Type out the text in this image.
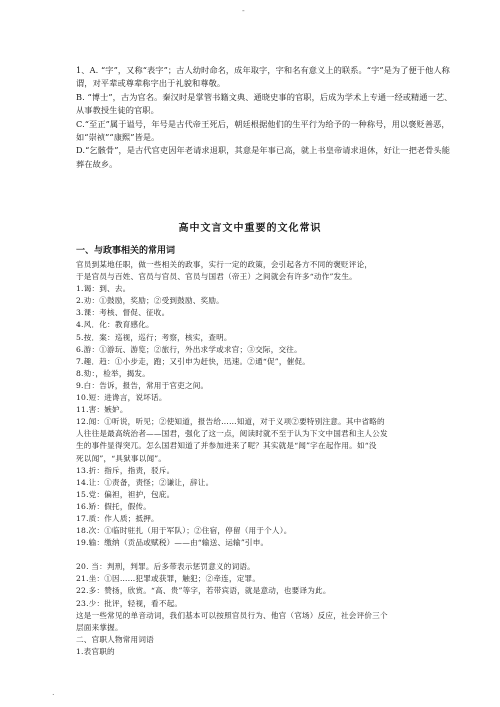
-

1、A. “字”，又称“表字”；古人幼时命名，成年取字，字和名有意义上的联系。“字”是为了便于他人称谓，对平辈或尊辈称字出于礼貌和尊敬。

B. “博士”，古为官名。秦汉时是掌管书籍文典、通晓史事的官职，后成为学术上专通一经或精通一艺、从事教授生徒的官职。

C.“至正”属于谥号，年号是古代帝王死后，朝廷根据他们的生平行为给予的一种称号，用以褒贬善恶，如“崇祯”“康熙”皆是。

D.“乞骸骨”，是古代官吏因年老请求退职，其意是年事已高，就上书皇帝请求退休，好让一把老骨头能葬在故乡。

高中文言文中重要的文化常识
一、与政事相关的常用词

官员到某地任职，做一些相关的政事，实行一定的政策，会引起各方不同的褒贬评论，

于是官员与百姓、官员与官员、官员与国君（帝王）之间就会有许多“动作”发生。

1.谒：到、去。

2.劝：①鼓励，奖励；②受到鼓励、奖励。

3.课：考核、督促、征收。

4.风．化：教育感化。

5.按．案：巡视，巡行；考察，核实，查明。

6.游：①游玩、游览；②旅行，外出求学或求官；③交际，交往。

7.趣．趋：①小步走，跑；又引申为赶快，迅速。②通“促”，催促。

8.劾：，检举，揭发。

9.白：告诉，报告，常用于官吏之间。

10.短：进谗言，说坏话。

11.害：嫉妒。

12.闻：①听说，听见；②使知道，报告给……知道，对于义项②要特别注意。其中省略的

人往往是最高统治者——国君，强化了这一点，阅读时就不至于认为下文中国君和主人公发

生的事件显得突兀。怎么国君知道了并参加进来了呢？其实就是“闻”字在起作用。如“没

死以闻”，“具狱事以闻”。

13.折：指斥，指责，驳斥。

14.让：①责备，责怪；②谦让，辞让。

15.党：偏袒，袒护，包庇。

16.矫：假托，假传。

17.质：作人质；抵押。

18.次：①临时驻扎（用于军队）；②住宿，停留（用于个人）。

19.输：缴纳（贡品或赋税）——由“输送、运输”引申。

20. 当：判刑，判罪。后多带表示惩罚意义的词语。

21.坐：①因……犯罪或获罪，触犯；②牵连，定罪。

22.多：赞扬，欣赏。“高、贵”等字，若带宾语，就是意动，也要译为此。

23.少：批评，轻视，看不起。

这是一些常见的单音动词，我们基本可以按照官员行为、他官（官场）反应，社会评价三个

层面来掌握。

二、官职人物常用词语

1.表官职的

.
